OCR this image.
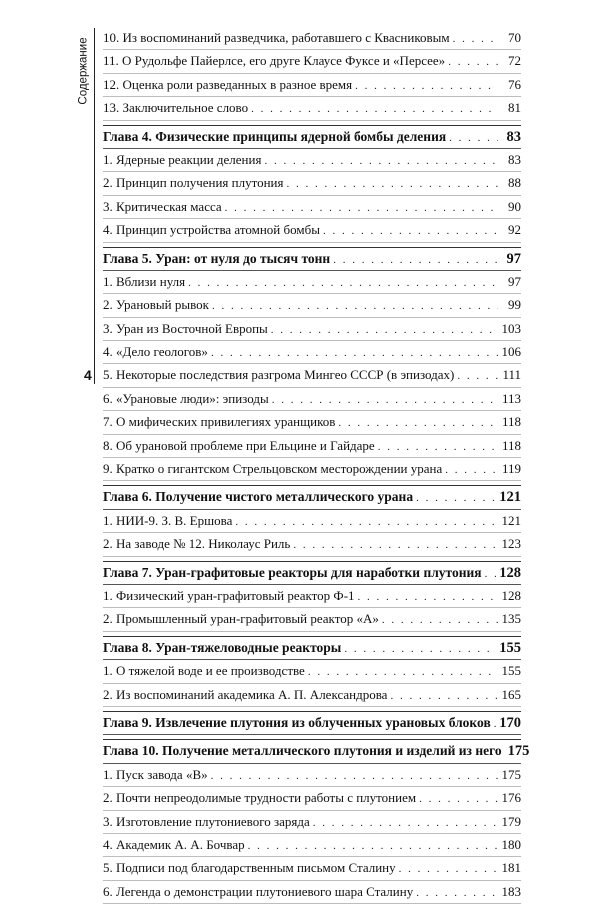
Содержание
4
10. Из воспоминаний разведчика, работавшего с Квасниковым . . .	70
11. О Рудольфе Пайерлсе, его друге Клаусе Фуксе и «Персее» . . .	72
12. Оценка роли разведанных в разное время . . .	76
13. Заключительное слово . . .	81
Глава 4. Физические принципы ядерной бомбы деления . . .	83
1. Ядерные реакции деления . . .	83
2. Принцип получения плутония . . .	88
3. Критическая масса . . .	90
4. Принцип устройства атомной бомбы . . .	92
Глава 5. Уран: от нуля до тысяч тонн . . .	97
1. Вблизи нуля . . .	97
2. Урановый рывок . . .	99
3. Уран из Восточной Европы . . .	103
4. «Дело геологов» . . .	106
5. Некоторые последствия разгрома Мингео СССР (в эпизодах) . . .	111
6. «Урановые люди»: эпизоды . . .	113
7. О мифических привилегиях уранщиков . . .	118
8. Об урановой проблеме при Ельцине и Гайдаре . . .	118
9. Кратко о гигантском Стрельцовском месторождении урана . . .	119
Глава 6. Получение чистого металлического урана . . .	121
1. НИИ-9. З. В. Ершова . . .	121
2. На заводе № 12. Николаус Риль . . .	123
Глава 7. Уран-графитовые реакторы для наработки плутония . . . 128
1. Физический уран-графитовый реактор Ф-1 . . .	128
2. Промышленный уран-графитовый реактор «А» . . .	135
Глава 8. Уран-тяжеловодные реакторы . . .	155
1. О тяжелой воде и ее производстве . . .	155
2. Из воспоминаний академика А. П. Александрова . . .	165
Глава 9. Извлечение плутония из облученных урановых блоков . . . 170
Глава 10. Получение металлического плутония и изделий из него 175
1. Пуск завода «В» . . .	175
2. Почти непреодолимые трудности работы с плутонием . . .	176
3. Изготовление плутониевого заряда . . .	179
4. Академик А. А. Бочвар . . .	180
5. Подписи под благодарственным письмом Сталину . . .	181
6. Легенда о демонстрации плутониевого шара Сталину . . .	183
